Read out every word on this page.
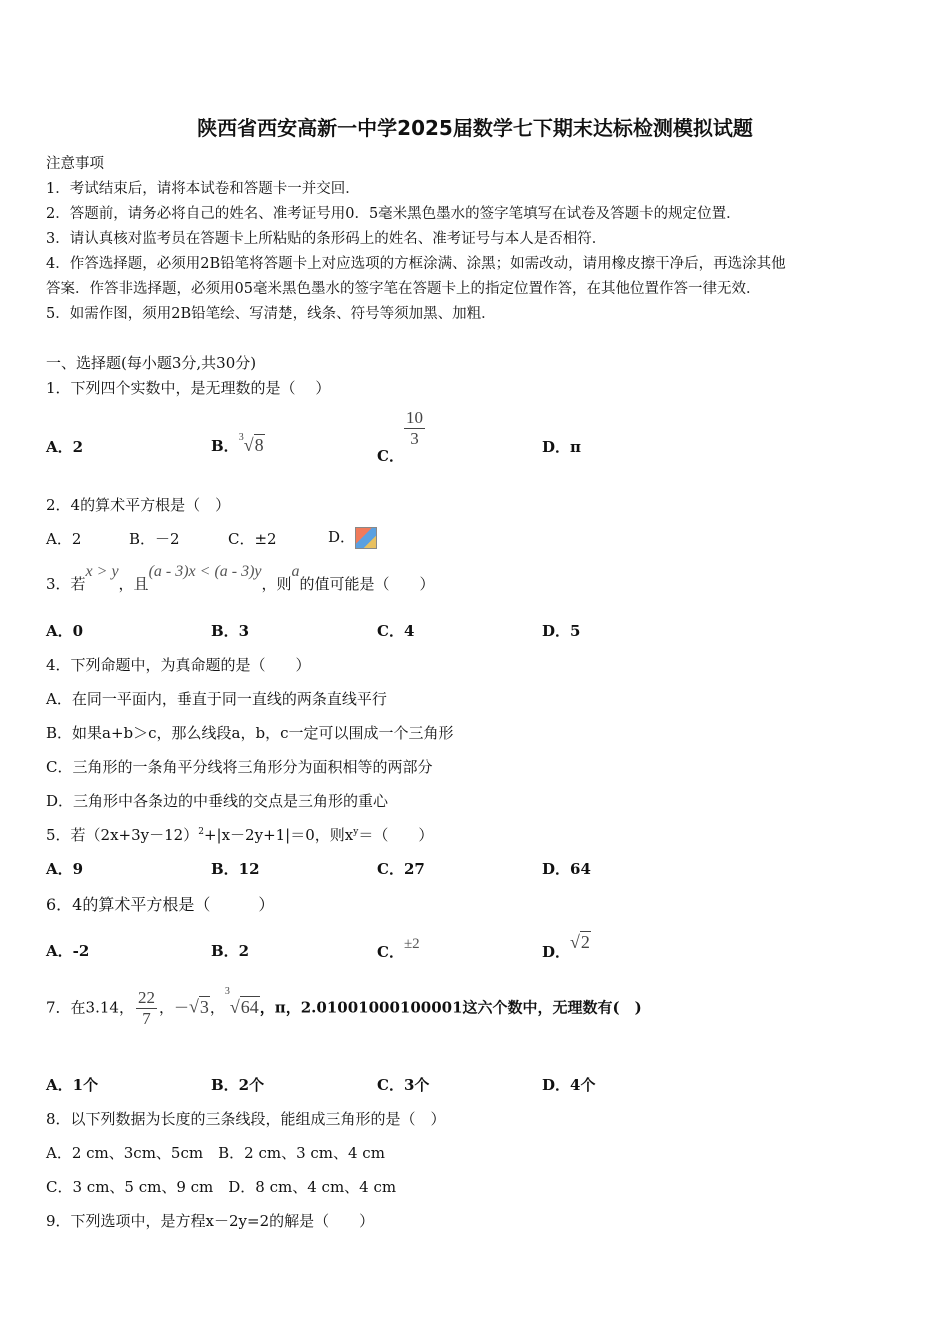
陕西省西安高新一中学2025届数学七下期末达标检测模拟试题
注意事项
1．考试结束后，请将本试卷和答题卡一并交回．
2．答题前，请务必将自己的姓名、准考证号用0．5毫米黑色墨水的签字笔填写在试卷及答题卡的规定位置．
3．请认真核对监考员在答题卡上所粘贴的条形码上的姓名、准考证号与本人是否相符．
4．作答选择题，必须用2B铅笔将答题卡上对应选项的方框涂满、涂黑；如需改动，请用橡皮擦干净后，再选涂其他
答案．作答非选择题，必须用05毫米黑色墨水的签字笔在答题卡上的指定位置作答，在其他位置作答一律无效．
5．如需作图，须用2B铅笔绘、写清楚，线条、符号等须加黑、加粗．
一、选择题(每小题3分,共30分)
1．下列四个实数中，是无理数的是（　 ）
A．2	B．$^3$√8
C．
$\frac{10}{3}$	D．π
2．4的算术平方根是（　）
A．2	B．－2	C．±2	D．
3．若x > y，且(a - 3)x < (a - 3)y，则a的值可能是（　　）
A．0	B．3	C．4	D．5
4．下列命题中，为真命题的是（　　）
A．在同一平面内，垂直于同一直线的两条直线平行
B．如果a+b＞c，那么线段a，b，c一定可以围成一个三角形
C．三角形的一条角平分线将三角形分为面积相等的两部分
D．三角形中各条边的中垂线的交点是三角形的重心
5．若$(2x+3y-12)^2+|x-2y+1|=0$，则$x^y=$（　　）
A．9	B．12	C．27	D．64
6．4的算术平方根是（　　　）
A．-2	B．2	C．±2	D．√2
7．在3.14， $\frac{22}{7}$ ，－√3，$^3$√64，π，2.01001000100001这六个数中，无理数有(　)
A．1个	B．2个	C．3个	D．4个
8．以下列数据为长度的三条线段，能组成三角形的是（　）
A．2 cm、3cm、5cm　B．2 cm、3 cm、4 cm
C．3 cm、5 cm、9 cm　D．8 cm、4 cm、4 cm
9．下列选项中，是方程x－2y=2的解是（　　）
